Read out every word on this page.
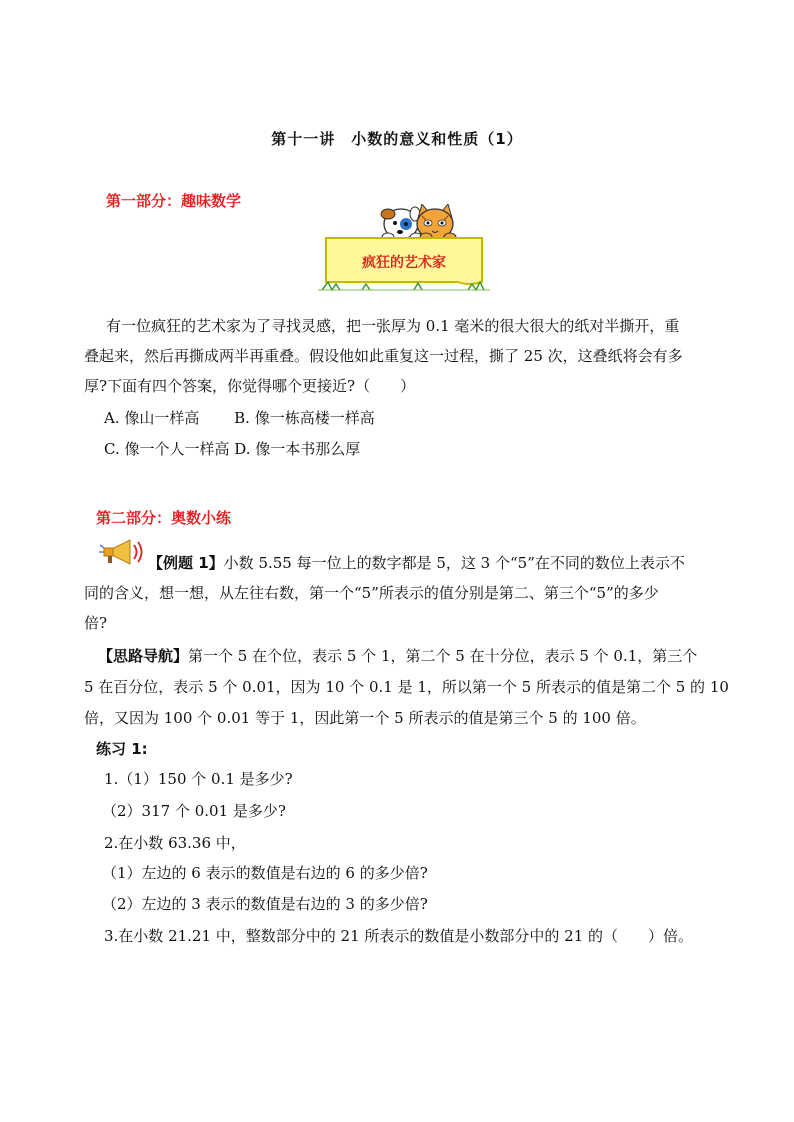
第十一讲　小数的意义和性质（1）
第一部分：趣味数学
疯狂的艺术家
有一位疯狂的艺术家为了寻找灵感，把一张厚为 0.1 毫米的很大很大的纸对半撕开，重
叠起来，然后再撕成两半再重叠。假设他如此重复这一过程，撕了 25 次，这叠纸将会有多
厚?下面有四个答案，你觉得哪个更接近?（　　）
A. 像山一样高　　 B. 像一栋高楼一样高
C. 像一个人一样高 D. 像一本书那么厚
第二部分：奥数小练
【例题 1】小数 5.55 每一位上的数字都是 5，这 3 个“5”在不同的数位上表示不
同的含义，想一想，从左往右数，第一个“5”所表示的值分别是第二、第三个“5”的多少
倍?
【思路导航】第一个 5 在个位，表示 5 个 1，第二个 5 在十分位，表示 5 个 0.1，第三个
5 在百分位，表示 5 个 0.01，因为 10 个 0.1 是 1，所以第一个 5 所表示的值是第二个 5 的 10
倍，又因为 100 个 0.01 等于 1，因此第一个 5 所表示的值是第三个 5 的 100 倍。
练习 1:
1.（1）150 个 0.1 是多少?
（2）317 个 0.01 是多少?
2.在小数 63.36 中，
（1）左边的 6 表示的数值是右边的 6 的多少倍?
（2）左边的 3 表示的数值是右边的 3 的多少倍?
3.在小数 21.21 中，整数部分中的 21 所表示的数值是小数部分中的 21 的（　　）倍。
